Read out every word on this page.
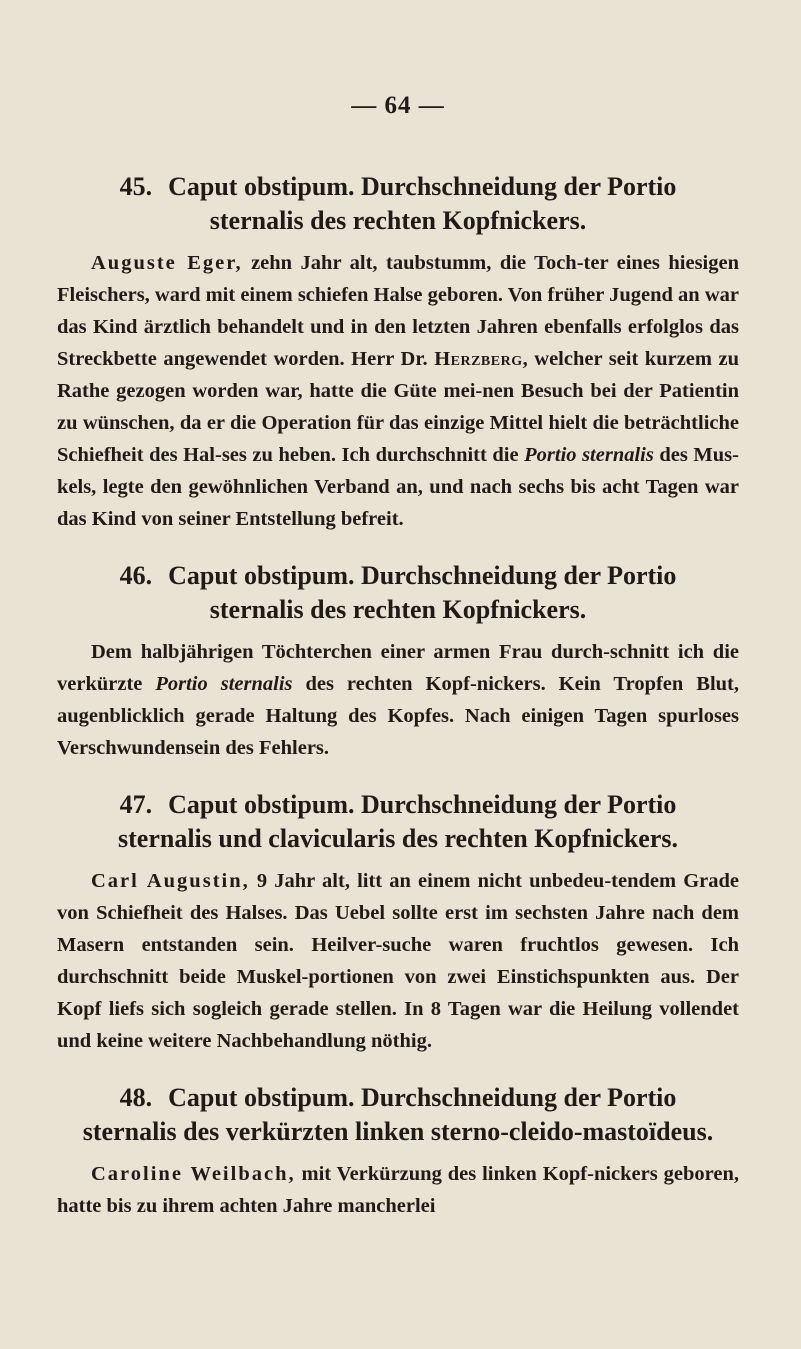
— 64 —
45. Caput obstipum. Durchschneidung der Portio
sternalis des rechten Kopfnickers.

Auguste Eger, zehn Jahr alt, taubstumm, die Toch-ter eines hiesigen Fleischers, ward mit einem schiefen Halse geboren. Von früher Jugend an war das Kind ärztlich behandelt und in den letzten Jahren ebenfalls erfolglos das Streckbette angewendet worden. Herr Dr. Herzberg, welcher seit kurzem zu Rathe gezogen worden war, hatte die Güte mei-nen Besuch bei der Patientin zu wünschen, da er die Operation für das einzige Mittel hielt die beträchtliche Schiefheit des Hal-ses zu heben. Ich durchschnitt die Portio sternalis des Mus-kels, legte den gewöhnlichen Verband an, und nach sechs bis acht Tagen war das Kind von seiner Entstellung befreit.

46. Caput obstipum. Durchschneidung der Portio
sternalis des rechten Kopfnickers.

Dem halbjährigen Töchterchen einer armen Frau durch-schnitt ich die verkürzte Portio sternalis des rechten Kopf-nickers. Kein Tropfen Blut, augenblicklich gerade Haltung des Kopfes. Nach einigen Tagen spurloses Verschwundensein des Fehlers.

47. Caput obstipum. Durchschneidung der Portio
sternalis und clavicularis des rechten Kopfnickers.

Carl Augustin, 9 Jahr alt, litt an einem nicht unbedeu-tendem Grade von Schiefheit des Halses. Das Uebel sollte erst im sechsten Jahre nach dem Masern entstanden sein. Heilver-suche waren fruchtlos gewesen. Ich durchschnitt beide Muskel-portionen von zwei Einstichspunkten aus. Der Kopf liefs sich sogleich gerade stellen. In 8 Tagen war die Heilung vollendet und keine weitere Nachbehandlung nöthig.

48. Caput obstipum. Durchschneidung der Portio
sternalis des verkürzten linken sterno-cleido-mastoïdeus.

Caroline Weilbach, mit Verkürzung des linken Kopf-nickers geboren, hatte bis zu ihrem achten Jahre mancherlei
